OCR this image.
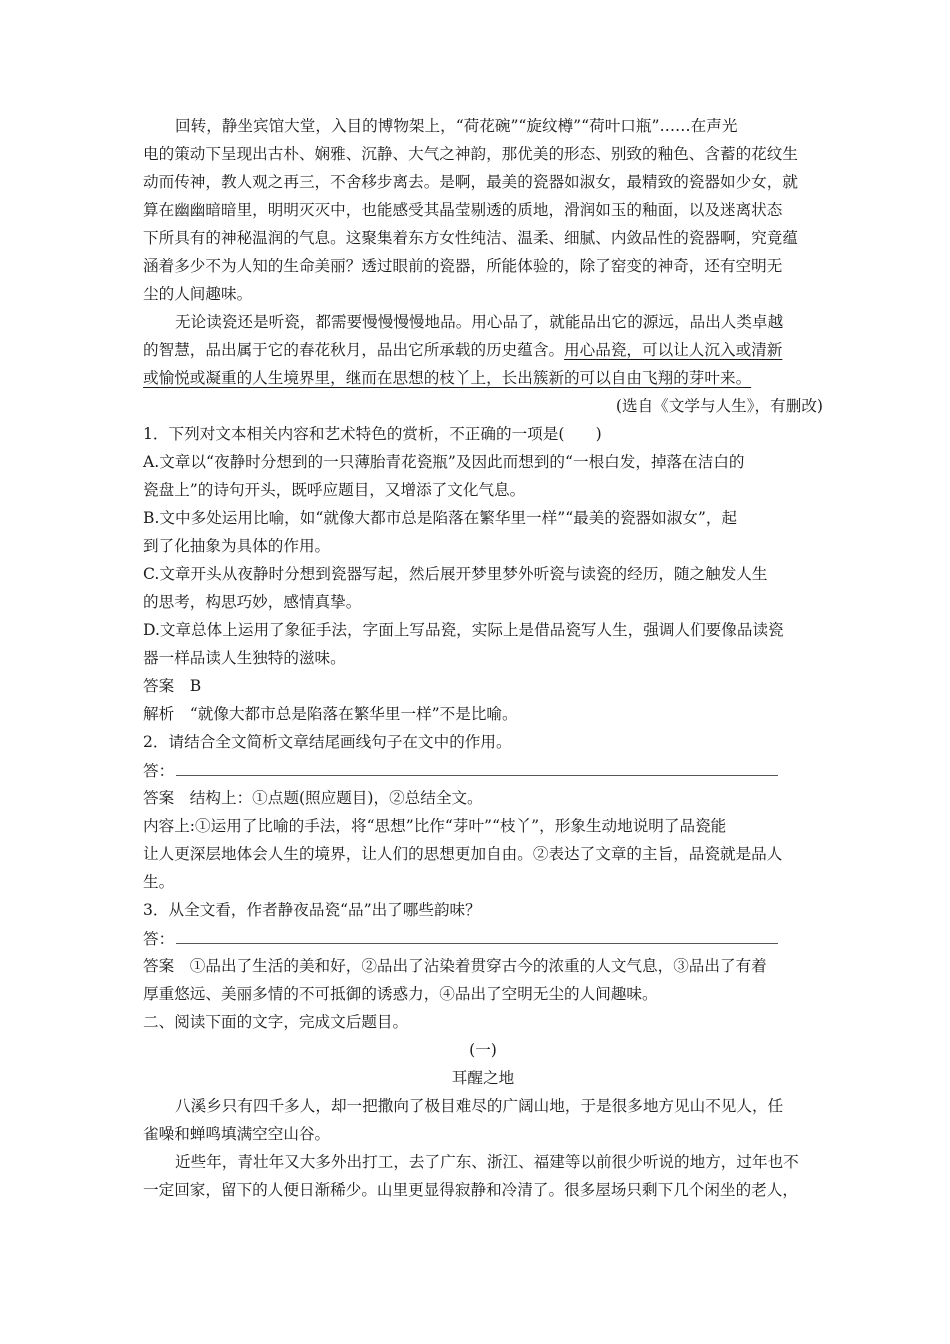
回转，静坐宾馆大堂，入目的博物架上，“荷花碗”“旋纹樽”“荷叶口瓶”……在声光
电的策动下呈现出古朴、娴雅、沉静、大气之神韵，那优美的形态、别致的釉色、含蓄的花纹生
动而传神，教人观之再三，不舍移步离去。是啊，最美的瓷器如淑女，最精致的瓷器如少女，就
算在幽幽暗暗里，明明灭灭中，也能感受其晶莹剔透的质地，滑润如玉的釉面，以及迷离状态
下所具有的神秘温润的气息。这聚集着东方女性纯洁、温柔、细腻、内敛品性的瓷器啊，究竟蕴
涵着多少不为人知的生命美丽？透过眼前的瓷器，所能体验的，除了窑变的神奇，还有空明无
尘的人间趣味。
无论读瓷还是听瓷，都需要慢慢慢慢地品。用心品了，就能品出它的源远，品出人类卓越
的智慧，品出属于它的春花秋月，品出它所承载的历史蕴含。用心品瓷，可以让人沉入或清新
或愉悦或凝重的人生境界里，继而在思想的枝丫上，长出簇新的可以自由飞翔的芽叶来。
(选自《文学与人生》，有删改)
1．下列对文本相关内容和艺术特色的赏析，不正确的一项是(　　)
A.文章以“夜静时分想到的一只薄胎青花瓷瓶”及因此而想到的“一根白发，掉落在洁白的
瓷盘上”的诗句开头，既呼应题目，又增添了文化气息。
B.文中多处运用比喻，如“就像大都市总是陷落在繁华里一样”“最美的瓷器如淑女”，起
到了化抽象为具体的作用。
C.文章开头从夜静时分想到瓷器写起，然后展开梦里梦外听瓷与读瓷的经历，随之触发人生
的思考，构思巧妙，感情真挚。
D.文章总体上运用了象征手法，字面上写品瓷，实际上是借品瓷写人生，强调人们要像品读瓷
器一样品读人生独特的滋味。
答案　B
解析　“就像大都市总是陷落在繁华里一样”不是比喻。
2．请结合全文简析文章结尾画线句子在文中的作用。
答：
答案　结构上：①点题(照应题目)，②总结全文。
内容上:①运用了比喻的手法，将“思想”比作“芽叶”“枝丫”，形象生动地说明了品瓷能
让人更深层地体会人生的境界，让人们的思想更加自由。②表达了文章的主旨，品瓷就是品人
生。
3．从全文看，作者静夜品瓷“品”出了哪些韵味？
答：
答案　①品出了生活的美和好，②品出了沾染着贯穿古今的浓重的人文气息，③品出了有着
厚重悠远、美丽多情的不可抵御的诱惑力，④品出了空明无尘的人间趣味。
二、阅读下面的文字，完成文后题目。
(一)
耳醒之地
八溪乡只有四千多人，却一把撒向了极目难尽的广阔山地，于是很多地方见山不见人，任
雀噪和蝉鸣填满空空山谷。
近些年，青壮年又大多外出打工，去了广东、浙江、福建等以前很少听说的地方，过年也不
一定回家，留下的人便日渐稀少。山里更显得寂静和冷清了。很多屋场只剩下几个闲坐的老人，
